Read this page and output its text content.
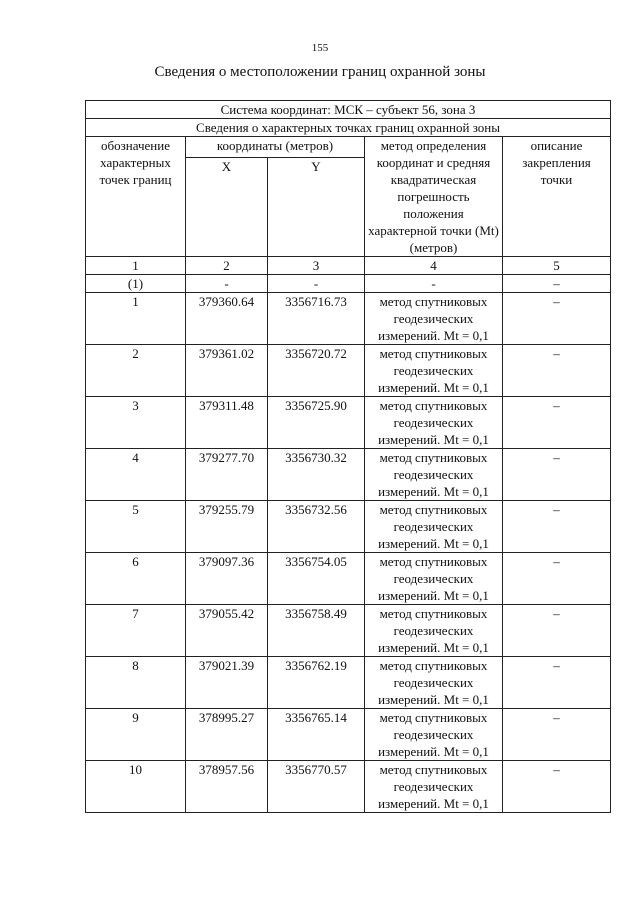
155
Сведения о местоположении границ охранной зоны
Система координат: МСК – субъект 56, зона 3				
Сведения о характерных точках границ охранной зоны				
обозначение характерных точек границ	координаты (метров)		метод определения координат и средняя квадратическая погрешность положения характерной точки (Mt) (метров)	описание закрепления точки
	X	Y		
1	2	3	4	5
(1)	-	-	-	–
1	379360.64	3356716.73	метод спутниковых геодезических измерений. Mt = 0,1	–
2	379361.02	3356720.72	метод спутниковых геодезических измерений. Mt = 0,1	–
3	379311.48	3356725.90	метод спутниковых геодезических измерений. Mt = 0,1	–
4	379277.70	3356730.32	метод спутниковых геодезических измерений. Mt = 0,1	–
5	379255.79	3356732.56	метод спутниковых геодезических измерений. Mt = 0,1	–
6	379097.36	3356754.05	метод спутниковых геодезических измерений. Mt = 0,1	–
7	379055.42	3356758.49	метод спутниковых геодезических измерений. Mt = 0,1	–
8	379021.39	3356762.19	метод спутниковых геодезических измерений. Mt = 0,1	–
9	378995.27	3356765.14	метод спутниковых геодезических измерений. Mt = 0,1	–
10	378957.56	3356770.57	метод спутниковых геодезических измерений. Mt = 0,1	–
